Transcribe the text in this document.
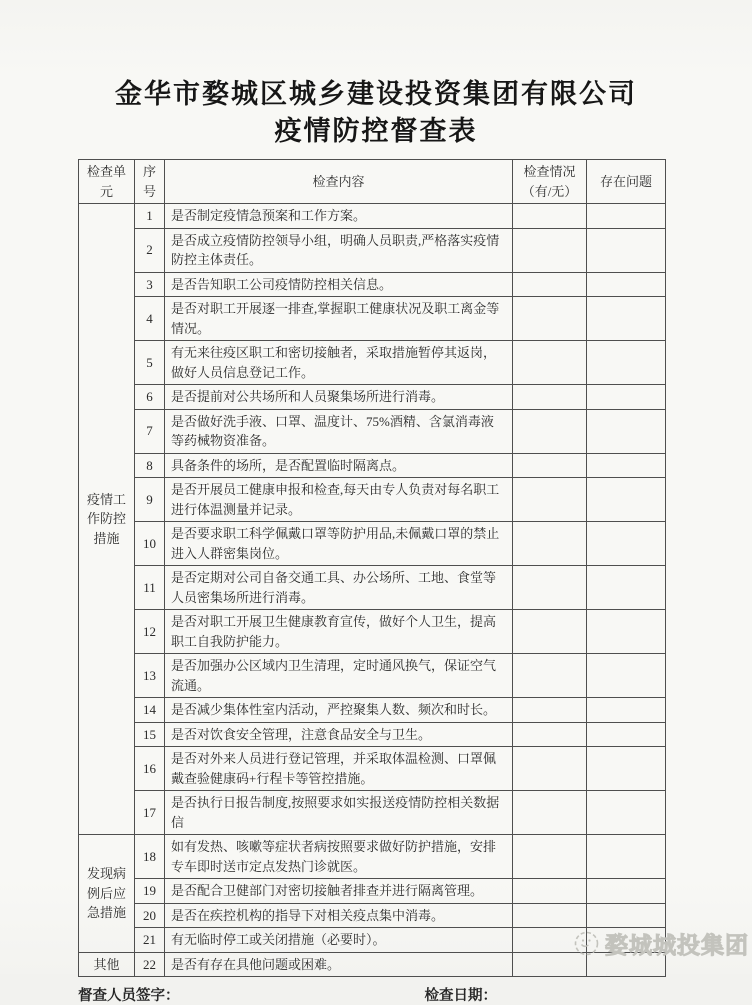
金华市婺城区城乡建设投资集团有限公司
疫情防控督查表
检查单元	序号	检查内容	检查情况（有/无）	存在问题
疫情工作防控措施	1	是否制定疫情急预案和工作方案。		
	2	是否成立疫情防控领导小组，明确人员职责,严格落实疫情防控主体责任。		
	3	是否告知职工公司疫情防控相关信息。		
	4	是否对职工开展逐一排查,掌握职工健康状况及职工离金等情况。		
	5	有无来往疫区职工和密切接触者，采取措施暂停其返岗，做好人员信息登记工作。		
	6	是否提前对公共场所和人员聚集场所进行消毒。		
	7	是否做好洗手液、口罩、温度计、75%酒精、含氯消毒液等药械物资准备。		
	8	具备条件的场所，是否配置临时隔离点。		
	9	是否开展员工健康申报和检查,每天由专人负责对每名职工进行体温测量并记录。		
	10	是否要求职工科学佩戴口罩等防护用品,未佩戴口罩的禁止进入人群密集岗位。		
	11	是否定期对公司自备交通工具、办公场所、工地、食堂等人员密集场所进行消毒。		
	12	是否对职工开展卫生健康教育宣传，做好个人卫生，提高职工自我防护能力。		
	13	是否加强办公区域内卫生清理，定时通风换气，保证空气流通。		
	14	是否减少集体性室内活动，严控聚集人数、频次和时长。		
	15	是否对饮食安全管理，注意食品安全与卫生。		
	16	是否对外来人员进行登记管理，并采取体温检测、口罩佩戴查验健康码+行程卡等管控措施。		
	17	是否执行日报告制度,按照要求如实报送疫情防控相关数据信		
发现病例后应急措施	18	如有发热、咳嗽等症状者病按照要求做好防护措施，安排专车即时送市定点发热门诊就医。		
	19	是否配合卫健部门对密切接触者排查并进行隔离管理。		
	20	是否在疾控机构的指导下对相关疫点集中消毒。		
	21	有无临时停工或关闭措施（必要时）。		
其他	22	是否有存在具他问题或困难。		
督查人员签字：	检查日期：
婺城城投集团
